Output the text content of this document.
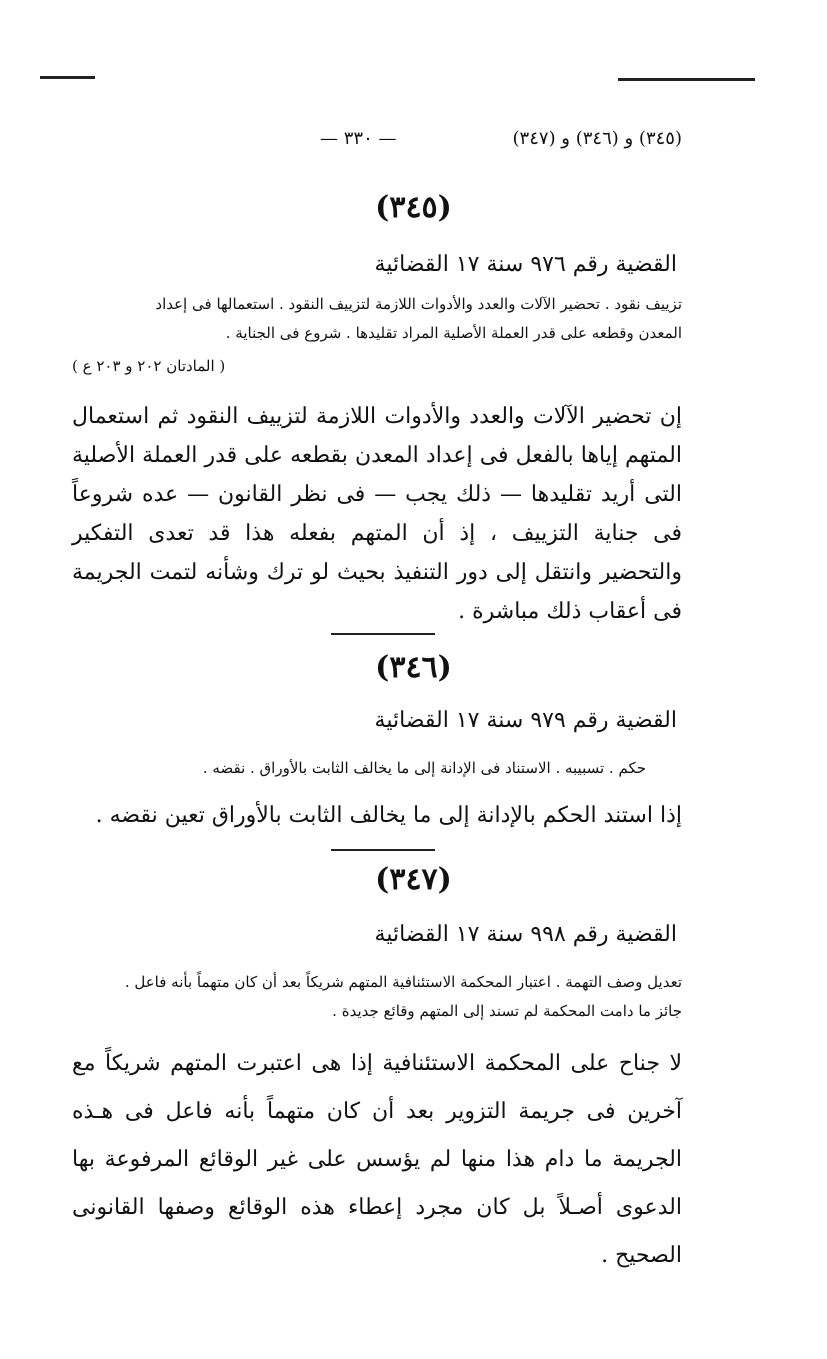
(٣٤٥) و (٣٤٦) و (٣٤٧)
— ٣٣٠ —
(٣٤٥)
القضية رقم ٩٧٦ سنة ١٧ القضائية
تزييف نقود . تحضير الآلات والعدد والأدوات اللازمة لتزييف النقود . استعمالها فى إعداد
المعدن وقطعه على قدر العملة الأصلية المراد تقليدها . شروع فى الجناية .
( المادتان ٢٠٢ و ٢٠٣ ع )
إن تحضير الآلات والعدد والأدوات اللازمة لتزييف النقود ثم استعمال المتهم إياها بالفعل فى إعداد المعدن بقطعه على قدر العملة الأصلية التى أريد تقليدها — ذلك يجب — فى نظر القانون — عده شروعاً فى جناية التزييف ، إذ أن المتهم بفعله هذا قد تعدى التفكير والتحضير وانتقل إلى دور التنفيذ بحيث لو ترك وشأنه لتمت الجريمة فى أعقاب ذلك مباشرة .
(٣٤٦)
القضية رقم ٩٧٩ سنة ١٧ القضائية
حكم . تسبيبه . الاستناد فى الإدانة إلى ما يخالف الثابت بالأوراق . نقضه .
إذا استند الحكم بالإدانة إلى ما يخالف الثابت بالأوراق تعين نقضه .
(٣٤٧)
القضية رقم ٩٩٨ سنة ١٧ القضائية
تعديل وصف التهمة . اعتبار المحكمة الاستئنافية المتهم شريكاً بعد أن كان متهماً بأنه فاعل .
جائز ما دامت المحكمة لم تسند إلى المتهم وقائع جديدة .
لا جناح على المحكمة الاستئنافية إذا هى اعتبرت المتهم شريكاً مع آخرين فى جريمة التزوير بعد أن كان متهماً بأنه فاعل فى هـذه الجريمة ما دام هذا منها لم يؤسس على غير الوقائع المرفوعة بها الدعوى أصـلاً بل كان مجرد إعطاء هذه الوقائع وصفها القانونى الصحيح .
